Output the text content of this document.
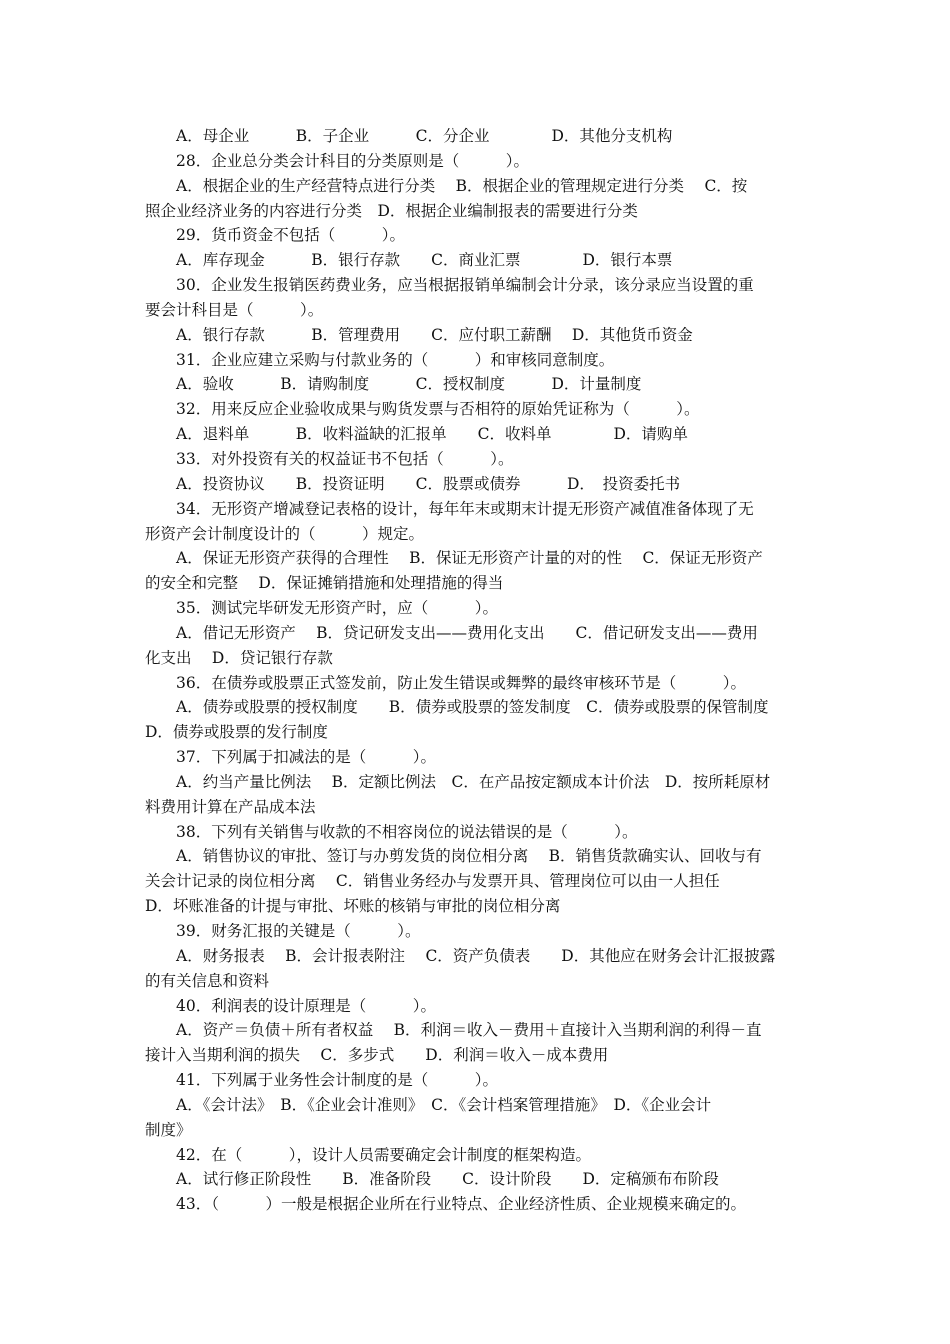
A．母企业　　　B．子企业　　　C．分企业　　　　D．其他分支机构
28．企业总分类会计科目的分类原则是（　　　）。
A．根据企业的生产经营特点进行分类　 B．根据企业的管理规定进行分类　 C．按
照企业经济业务的内容进行分类　D．根据企业编制报表的需要进行分类
29．货币资金不包括（　　　）。
A．库存现金　　　B．银行存款　　C．商业汇票　　　　D．银行本票
30．企业发生报销医药费业务，应当根据报销单编制会计分录，该分录应当设置的重
要会计科目是（　　　）。
A．银行存款　　　B．管理费用　　C．应付职工薪酬　 D．其他货币资金
31．企业应建立采购与付款业务的（　　　）和审核同意制度。
A．验收　　　B．请购制度　　　C．授权制度　　　D．计量制度
32．用来反应企业验收成果与购货发票与否相符的原始凭证称为（　　　）。
A．退料单　　　B．收料溢缺的汇报单　　C．收料单　　　　D．请购单
33．对外投资有关的权益证书不包括（　　　）。
A．投资协议　　B．投资证明　　C．股票或债券　　　D．　投资委托书
34．无形资产增减登记表格的设计，每年年末或期末计提无形资产减值准备体现了无
形资产会计制度设计的（　　　）规定。
A．保证无形资产获得的合理性　 B．保证无形资产计量的对的性　 C．保证无形资产
的安全和完整　 D．保证摊销措施和处理措施的得当
35．测试完毕研发无形资产时，应（　　　）。
A．借记无形资产　 B．贷记研发支出——费用化支出　　C．借记研发支出——费用
化支出　 D．贷记银行存款
36．在债券或股票正式签发前，防止发生错误或舞弊的最终审核环节是（　　　）。
A．债券或股票的授权制度　　B．债券或股票的签发制度　C．债券或股票的保管制度
D．债券或股票的发行制度
37．下列属于扣减法的是（　　　）。
A．约当产量比例法　 B．定额比例法　C．在产品按定额成本计价法　D．按所耗原材
料费用计算在产品成本法
38．下列有关销售与收款的不相容岗位的说法错误的是（　　　）。
A．销售协议的审批、签订与办剪发货的岗位相分离　 B．销售货款确实认、回收与有
关会计记录的岗位相分离　 C．销售业务经办与发票开具、管理岗位可以由一人担任
D．坏账准备的计提与审批、坏账的核销与审批的岗位相分离
39．财务汇报的关键是（　　　）。
A．财务报表　 B．会计报表附注　 C．资产负债表　　D．其他应在财务会计汇报披露
的有关信息和资料
40．利润表的设计原理是（　　　）。
A．资产＝负债＋所有者权益　 B．利润＝收入－费用＋直接计入当期利润的利得－直
接计入当期利润的损失　 C．多步式　　D．利润＝收入－成本费用
41．下列属于业务性会计制度的是（　　　）。
A．《会计法》　B．《企业会计准则》　C．《会计档案管理措施》　D．《企业会计
制度》
42．在（　　　），设计人员需要确定会计制度的框架构造。
A．试行修正阶段性　　B．准备阶段　　C．设计阶段　　D．定稿颁布布阶段
43．（　　　）一般是根据企业所在行业特点、企业经济性质、企业规模来确定的。
